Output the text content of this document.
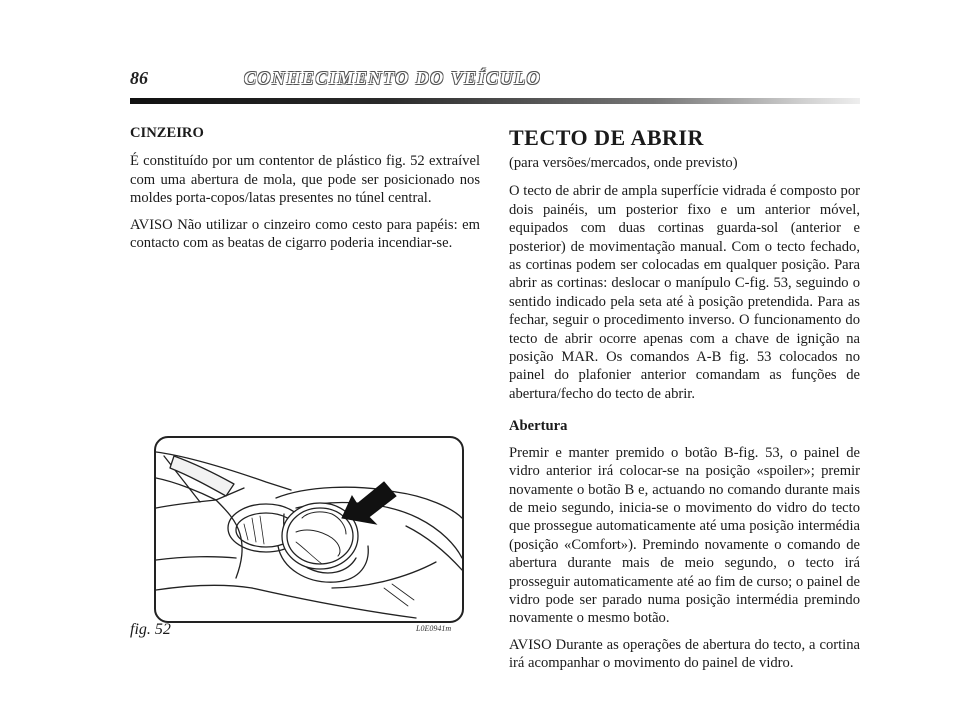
86	CONHECIMENTO DO VEÍCULO
CINZEIRO

É constituído por um contentor de plástico fig. 52 extraível com uma abertura de mola, que pode ser posicionado nos moldes porta-copos/latas presentes no túnel central.

AVISO Não utilizar o cinzeiro como cesto para papéis: em contacto com as beatas de cigarro poderia incendiar-se.

fig. 52	L0E0941m
TECTO DE ABRIR

(para versões/mercados, onde previsto)

O tecto de abrir de ampla superfície vidrada é composto por dois painéis, um posterior fixo e um anterior móvel, equipados com duas cortinas guarda-sol (anterior e posterior) de movimentação manual. Com o tecto fechado, as cortinas podem ser colocadas em qualquer posição. Para abrir as cortinas: deslocar o manípulo C-fig. 53, seguindo o sentido indicado pela seta até à posição pretendida. Para as fechar, seguir o procedimento inverso. O funcionamento do tecto de abrir ocorre apenas com a chave de ignição na posição MAR. Os comandos A-B fig. 53 colocados no painel do plafonier anterior comandam as funções de abertura/fecho do tecto de abrir.

Abertura

Premir e manter premido o botão B-fig. 53, o painel de vidro anterior irá colocar-se na posição «spoiler»; premir novamente o botão B e, actuando no comando durante mais de meio segundo, inicia-se o movimento do vidro do tecto que prossegue automaticamente até uma posição intermédia (posição «Comfort»). Premindo novamente o comando de abertura durante mais de meio segundo, o tecto irá prosseguir automaticamente até ao fim de curso; o painel de vidro pode ser parado numa posição intermédia premindo novamente o mesmo botão.

AVISO Durante as operações de abertura do tecto, a cortina irá acompanhar o movimento do painel de vidro.
